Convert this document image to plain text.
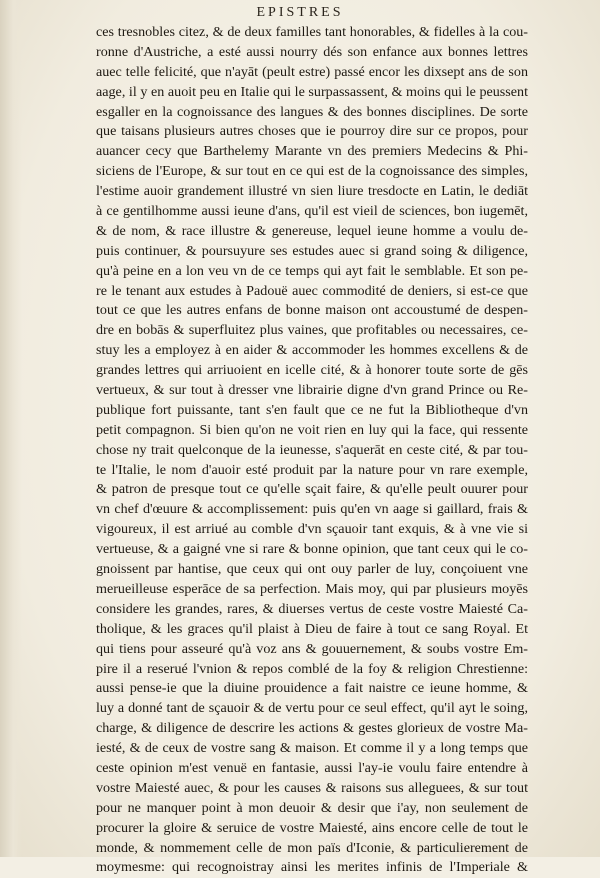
EPISTRES
ces tresnobles citez, & de deux familles tant honorables, & fidelles à la cou-
ronne d'Austriche, a esté aussi nourry dés son enfance aux bonnes lettres
auec telle felicité, que n'ayāt (peult estre) passé encor les dixsept ans de son
aage, il y en auoit peu en Italie qui le surpassassent, & moins qui le peussent
esgaller en la cognoissance des langues & des bonnes disciplines. De sorte
que taisans plusieurs autres choses que ie pourroy dire sur ce propos, pour
auancer cecy que Barthelemy Marante vn des premiers Medecins & Phi-
siciens de l'Europe, & sur tout en ce qui est de la cognoissance des simples,
l'estime auoir grandement illustré vn sien liure tresdocte en Latin, le dediāt
à ce gentilhomme aussi ieune d'ans, qu'il est vieil de sciences, bon iugemēt,
& de nom, & race illustre & genereuse, lequel ieune homme a voulu de-
puis continuer, & poursuyure ses estudes auec si grand soing & diligence,
qu'à peine en a lon veu vn de ce temps qui ayt fait le semblable. Et son pe-
re le tenant aux estudes à Padouë auec commodité de deniers, si est-ce que
tout ce que les autres enfans de bonne maison ont accoustumé de despen-
dre en bobās & superfluitez plus vaines, que profitables ou necessaires, ce-
stuy les a employez à en aider & accommoder les hommes excellens & de
grandes lettres qui arriuoient en icelle cité, & à honorer toute sorte de gēs
vertueux, & sur tout à dresser vne librairie digne d'vn grand Prince ou Re-
publique fort puissante, tant s'en fault que ce ne fut la Bibliotheque d'vn
petit compagnon. Si bien qu'on ne voit rien en luy qui la face, qui ressente
chose ny trait quelconque de la ieunesse, s'aquerāt en ceste cité, & par tou-
te l'Italie, le nom d'auoir esté produit par la nature pour vn rare exemple,
& patron de presque tout ce qu'elle sçait faire, & qu'elle peult ouurer pour
vn chef d'œuure & accomplissement: puis qu'en vn aage si gaillard, frais &
vigoureux, il est arriué au comble d'vn sçauoir tant exquis, & à vne vie si
vertueuse, & a gaigné vne si rare & bonne opinion, que tant ceux qui le co-
gnoissent par hantise, que ceux qui ont ouy parler de luy, conçoiuent vne
merueilleuse esperāce de sa perfection. Mais moy, qui par plusieurs moyēs
considere les grandes, rares, & diuerses vertus de ceste vostre Maiesté Ca-
tholique, & les graces qu'il plaist à Dieu de faire à tout ce sang Royal. Et
qui tiens pour asseuré qu'à voz ans & gouuernement, & soubs vostre Em-
pire il a reserué l'vnion & repos comblé de la foy & religion Chrestienne:
aussi pense-ie que la diuine prouidence a fait naistre ce ieune homme, &
luy a donné tant de sçauoir & de vertu pour ce seul effect, qu'il ayt le soing,
charge, & diligence de descrire les actions & gestes glorieux de vostre Ma-
iesté, & de ceux de vostre sang & maison. Et comme il y a long temps que
ceste opinion m'est venuë en fantasie, aussi l'ay-ie voulu faire entendre à
vostre Maiesté auec, & pour les causes & raisons sus alleguees, & sur tout
pour ne manquer point à mon deuoir & desir que i'ay, non seulement de
procurer la gloire & seruice de vostre Maiesté, ains encore celle de tout le
monde, & nommement celle de mon païs d'Iconie, & particulierement de
moymesme: qui recognoistray ainsi les merites infinis de l'Imperiale &
